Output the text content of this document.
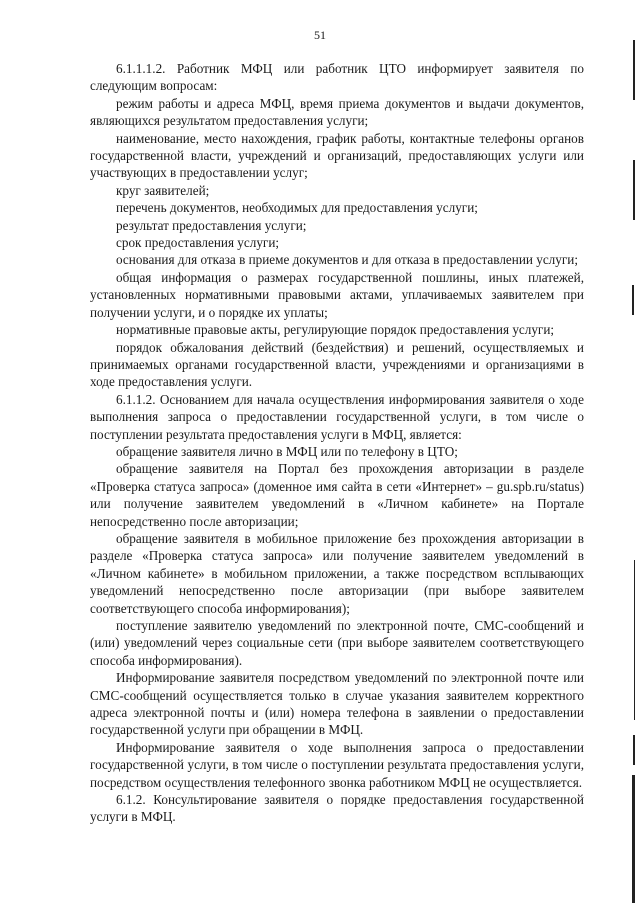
51

6.1.1.1.2. Работник МФЦ или работник ЦТО информирует заявителя по следующим вопросам:

режим работы и адреса МФЦ, время приема документов и выдачи документов, являющихся результатом предоставления услуги;

наименование, место нахождения, график работы, контактные телефоны органов государственной власти, учреждений и организаций, предоставляющих услуги или участвующих в предоставлении услуг;

круг заявителей;

перечень документов, необходимых для предоставления услуги;

результат предоставления услуги;

срок предоставления услуги;

основания для отказа в приеме документов и для отказа в предоставлении услуги;

общая информация о размерах государственной пошлины, иных платежей, установленных нормативными правовыми актами, уплачиваемых заявителем при получении услуги, и о порядке их уплаты;

нормативные правовые акты, регулирующие порядок предоставления услуги;

порядок обжалования действий (бездействия) и решений, осуществляемых и принимаемых органами государственной власти, учреждениями и организациями в ходе предоставления услуги.

6.1.1.2. Основанием для начала осуществления информирования заявителя о ходе выполнения запроса о предоставлении государственной услуги, в том числе о поступлении результата предоставления услуги в МФЦ, является:

обращение заявителя лично в МФЦ или по телефону в ЦТО;

обращение заявителя на Портал без прохождения авторизации в разделе «Проверка статуса запроса» (доменное имя сайта в сети «Интернет» – gu.spb.ru/status) или получение заявителем уведомлений в «Личном кабинете» на Портале непосредственно после авторизации;

обращение заявителя в мобильное приложение без прохождения авторизации в разделе «Проверка статуса запроса» или получение заявителем уведомлений в «Личном кабинете» в мобильном приложении, а также посредством всплывающих уведомлений непосредственно после авторизации (при выборе заявителем соответствующего способа информирования);

поступление заявителю уведомлений по электронной почте, СМС-сообщений и (или) уведомлений через социальные сети (при выборе заявителем соответствующего способа информирования).

Информирование заявителя посредством уведомлений по электронной почте или СМС-сообщений осуществляется только в случае указания заявителем корректного адреса электронной почты и (или) номера телефона в заявлении о предоставлении государственной услуги при обращении в МФЦ.

Информирование заявителя о ходе выполнения запроса о предоставлении государственной услуги, в том числе о поступлении результата предоставления услуги, посредством осуществления телефонного звонка работником МФЦ не осуществляется.

6.1.2. Консультирование заявителя о порядке предоставления государственной услуги в МФЦ.
